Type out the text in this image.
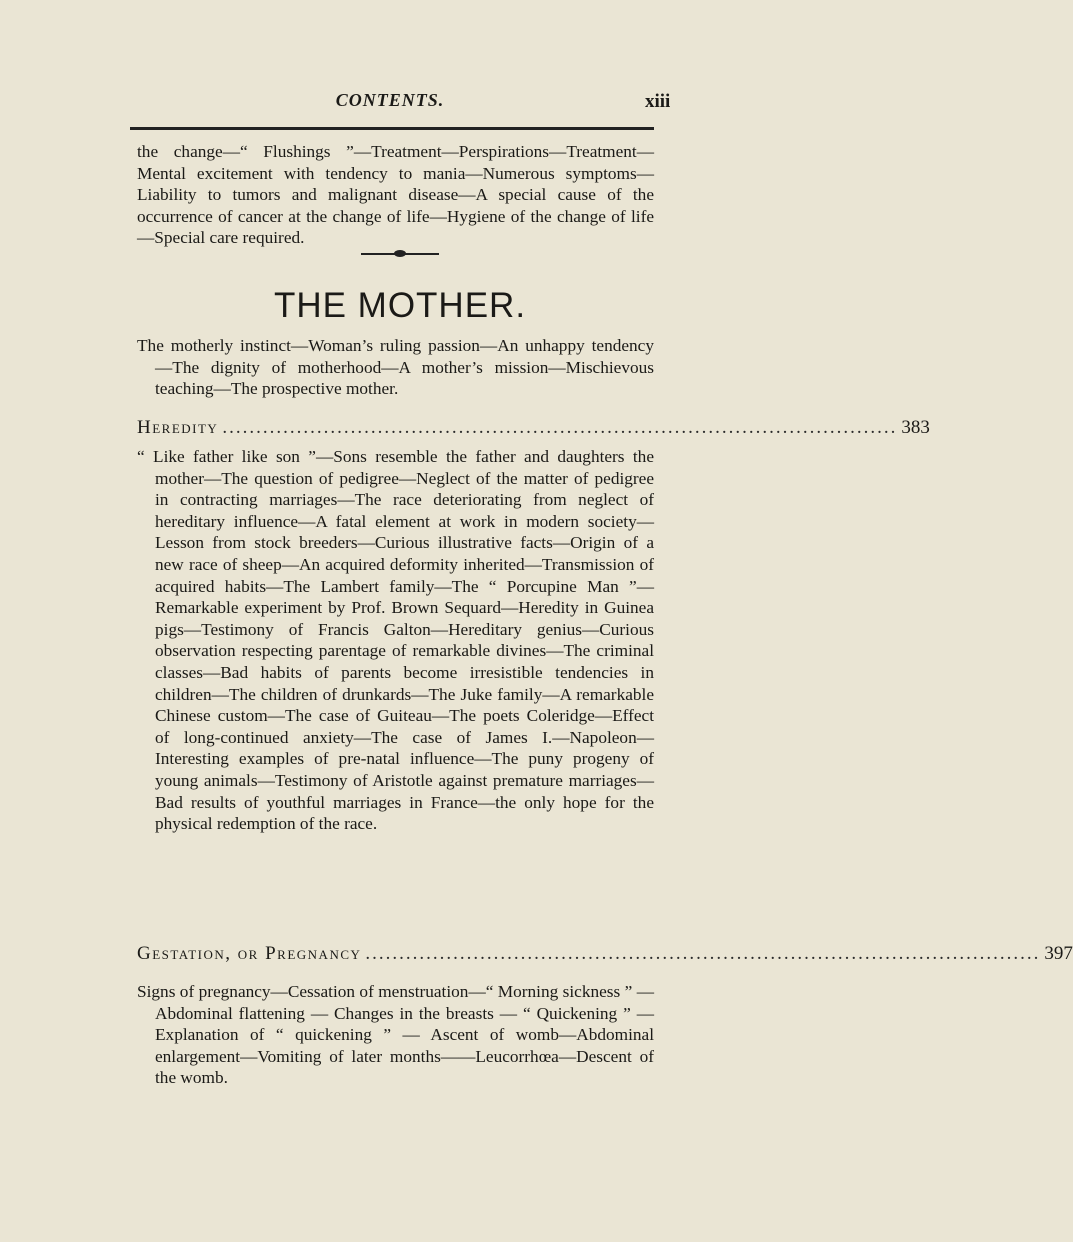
CONTENTS.	xiii

the change—“ Flushings ”—Treatment—Perspirations—Treatment—Mental excitement with tendency to mania—Numerous symptoms—Liability to tumors and malignant disease—A special cause of the occurrence of cancer at the change of life—Hygiene of the change of life—Special care required.

THE MOTHER.

The motherly instinct—Woman’s ruling passion—An unhappy tendency—The dignity of motherhood—A mother’s mission—Mischievous teaching—The prospective mother.

Heredity .................................................................................................... 383

“ Like father like son ”—Sons resemble the father and daughters the mother—The question of pedigree—Neglect of the matter of pedigree in contracting marriages—The race deteriorating from neglect of hereditary influence—A fatal element at work in modern society—Lesson from stock breeders—Curious illustrative facts—Origin of a new race of sheep—An acquired deformity inherited—Transmission of acquired habits—The Lambert family—The “ Porcupine Man ”—Remarkable experiment by Prof. Brown Sequard—Heredity in Guinea pigs—Testimony of Francis Galton—Hereditary genius—Curious observation respecting parentage of remarkable divines—The criminal classes—Bad habits of parents become irresistible tendencies in children—The children of drunkards—The Juke family—A remarkable Chinese custom—The case of Guiteau—The poets Coleridge—Effect of long-continued anxiety—The case of James I.—Napoleon—Interesting examples of pre-natal influence—The puny progeny of young animals—Testimony of Aristotle against premature marriages—Bad results of youthful marriages in France—the only hope for the physical redemption of the race.

Gestation, or Pregnancy .................................................................................................... 397

Signs of pregnancy—Cessation of menstruation—“ Morning sickness ” — Abdominal flattening — Changes in the breasts — “ Quickening ” — Explanation of “ quickening ” — Ascent of womb—Abdominal enlargement—Vomiting of later months——Leucorrhœa—Descent of the womb.
